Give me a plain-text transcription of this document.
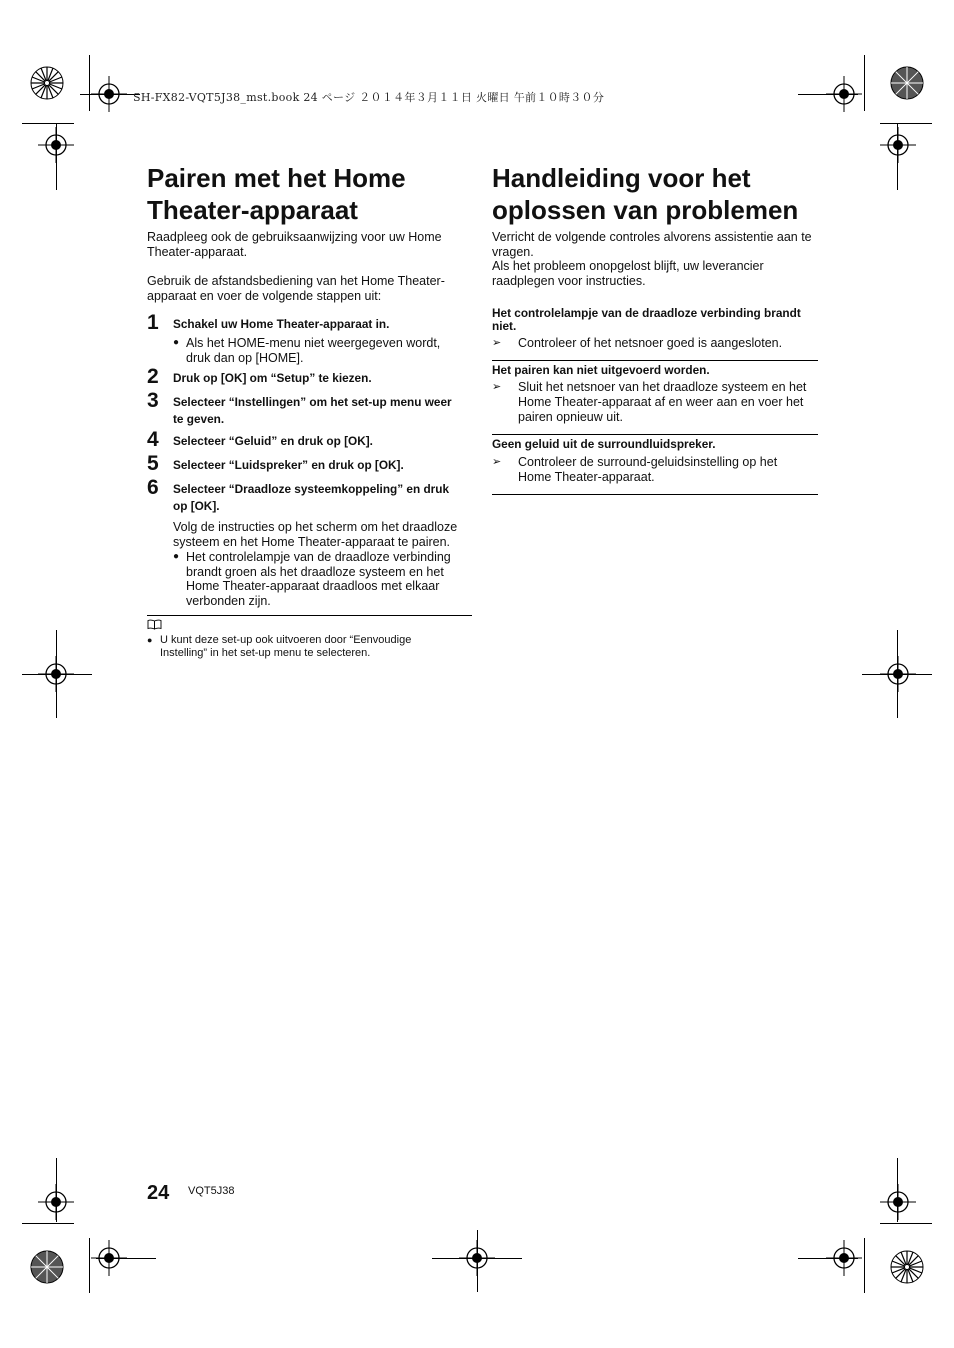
SH-FX82-VQT5J38_mst.book 24 ページ ２０１４年３月１１日 火曜日 午前１０時３０分
Pairen met het Home
Theater-apparaat

Raadpleeg ook de gebruiksaanwijzing voor uw Home Theater-apparaat.

Gebruik de afstandsbediening van het Home Theater-apparaat en voer de volgende stappen uit:

1	Schakel uw Home Theater-apparaat in.
● Als het HOME-menu niet weergegeven wordt, druk dan op [HOME].
2	Druk op [OK] om “Setup” te kiezen.
3	Selecteer “Instellingen” om het set-up menu weer te geven.
4	Selecteer “Geluid” en druk op [OK].
5	Selecteer “Luidspreker” en druk op [OK].
6	Selecteer “Draadloze systeemkoppeling” en druk op [OK].

Volg de instructies op het scherm om het draadloze systeem en het Home Theater-apparaat te pairen.

● Het controlelampje van de draadloze verbinding brandt groen als het draadloze systeem en het Home Theater-apparaat draadloos met elkaar verbonden zijn.
● U kunt deze set-up ook uitvoeren door “Eenvoudige Instelling” in het set-up menu te selecteren.
Handleiding voor het
oplossen van problemen

Verricht de volgende controles alvorens assistentie aan te vragen.

Als het probleem onopgelost blijft, uw leverancier raadplegen voor instructies.

Het controlelampje van de draadloze verbinding brandt niet.
➢	Controleer of het netsnoer goed is aangesloten.
Het pairen kan niet uitgevoerd worden.
➢	Sluit het netsnoer van het draadloze systeem en het Home Theater-apparaat af en weer aan en voer het pairen opnieuw uit.
Geen geluid uit de surroundluidspreker.
➢	Controleer de surround-geluidsinstelling op het Home Theater-apparaat.
24 VQT5J38
